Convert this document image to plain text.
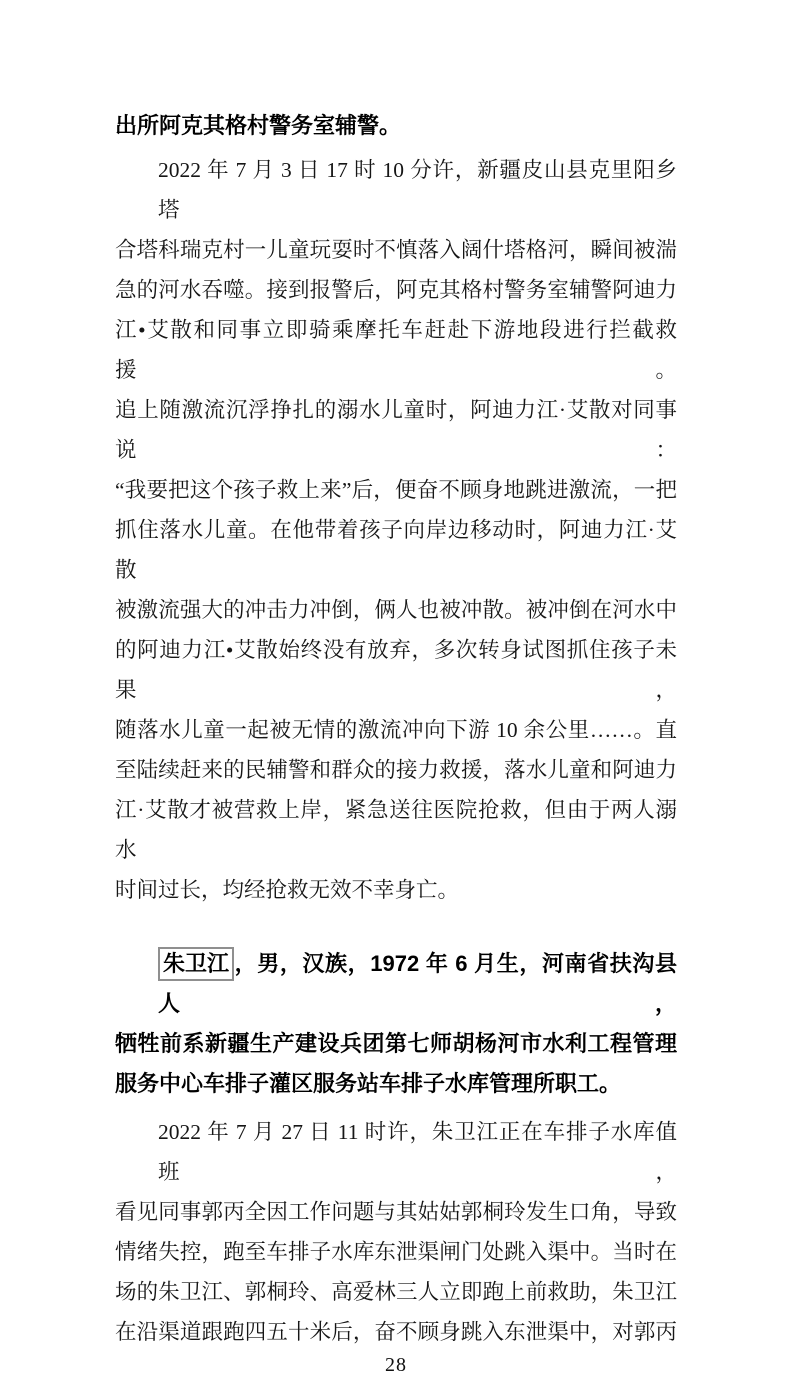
出所阿克其格村警务室辅警。
2022 年 7 月 3 日 17 时 10 分许，新疆皮山县克里阳乡塔
合塔科瑞克村一儿童玩耍时不慎落入阔什塔格河，瞬间被湍
急的河水吞噬。接到报警后，阿克其格村警务室辅警阿迪力
江•艾散和同事立即骑乘摩托车赶赴下游地段进行拦截救援。
追上随激流沉浮挣扎的溺水儿童时，阿迪力江·艾散对同事说：
“我要把这个孩子救上来”后，便奋不顾身地跳进激流，一把
抓住落水儿童。在他带着孩子向岸边移动时，阿迪力江·艾散
被激流强大的冲击力冲倒，俩人也被冲散。被冲倒在河水中
的阿迪力江•艾散始终没有放弃，多次转身试图抓住孩子未果，
随落水儿童一起被无情的激流冲向下游 10 余公里……。直
至陆续赶来的民辅警和群众的接力救援，落水儿童和阿迪力
江·艾散才被营救上岸，紧急送往医院抢救，但由于两人溺水
时间过长，均经抢救无效不幸身亡。
朱卫江 ，男，汉族，1972 年 6 月生，河南省扶沟县人，
牺牲前系新疆生产建设兵团第七师胡杨河市水利工程管理
服务中心车排子灌区服务站车排子水库管理所职工。
2022 年 7 月 27 日 11 时许，朱卫江正在车排子水库值班，
看见同事郭丙全因工作问题与其姑姑郭桐玲发生口角，导致
情绪失控，跑至车排子水库东泄渠闸门处跳入渠中。当时在
场的朱卫江、郭桐玲、高爱林三人立即跑上前救助，朱卫江
在沿渠道跟跑四五十米后，奋不顾身跳入东泄渠中，对郭丙
28
